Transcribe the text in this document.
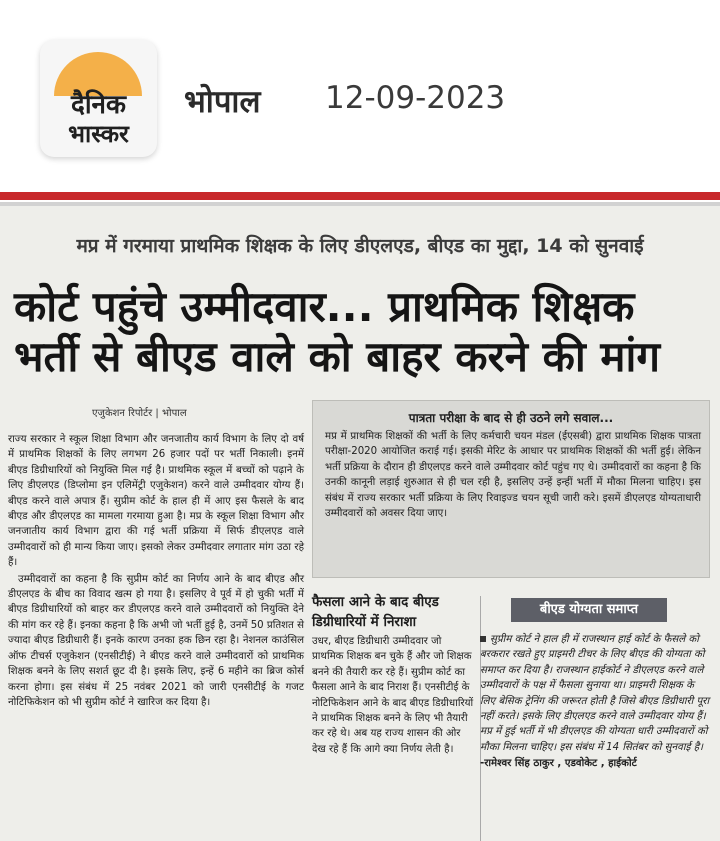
दैनिक
भास्कर
भोपाल 12-09-2023
मप्र में गरमाया प्राथमिक शिक्षक के लिए डीएलएड, बीएड का मुद्दा, 14 को सुनवाई
कोर्ट पहुंचे उम्मीदवार... प्राथमिक शिक्षक
भर्ती से बीएड वाले को बाहर करने की मांग
एजुकेशन रिपोर्टर | भोपाल

राज्य सरकार ने स्कूल शिक्षा विभाग और जनजातीय कार्य विभाग के लिए दो वर्ष में प्राथमिक शिक्षकों के लिए लगभग 26 हजार पदों पर भर्ती निकाली। इनमें बीएड डिग्रीधारियों को नियुक्ति मिल गई है। प्राथमिक स्कूल में बच्चों को पढ़ाने के लिए डीएलएड (डिप्लोमा इन एलिमेंट्री एजुकेशन) करने वाले उम्मीदवार योग्य हैं। बीएड करने वाले अपात्र हैं। सुप्रीम कोर्ट के हाल ही में आए इस फैसले के बाद बीएड और डीएलएड का मामला गरमाया हुआ है। मप्र के स्कूल शिक्षा विभाग और जनजातीय कार्य विभाग द्वारा की गई भर्ती प्रक्रिया में सिर्फ डीएलएड वाले उम्मीदवारों को ही मान्य किया जाए। इसको लेकर उम्मीदवार लगातार मांग उठा रहे हैं।

उम्मीदवारों का कहना है कि सुप्रीम कोर्ट का निर्णय आने के बाद बीएड और डीएलएड के बीच का विवाद खत्म हो गया है। इसलिए वे पूर्व में हो चुकी भर्ती में बीएड डिग्रीधारियों को बाहर कर डीएलएड करने वाले उम्मीदवारों को नियुक्ति देने की मांग कर रहे हैं। इनका कहना है कि अभी जो भर्ती हुई है, उनमें 50 प्रतिशत से ज्यादा बीएड डिग्रीधारी हैं। इनके कारण उनका हक छिन रहा है। नेशनल काउंसिल ऑफ टीचर्स एजुकेशन (एनसीटीई) ने बीएड करने वाले उम्मीदवारों को प्राथमिक शिक्षक बनने के लिए सशर्त छूट दी है। इसके लिए, इन्हें 6 महीने का ब्रिज कोर्स करना होगा। इस संबंध में 25 नवंबर 2021 को जारी एनसीटीई के गजट नोटिफिकेशन को भी सुप्रीम कोर्ट ने खारिज कर दिया है।

पात्रता परीक्षा के बाद से ही उठने लगे सवाल...
मप्र में प्राथमिक शिक्षकों की भर्ती के लिए कर्मचारी चयन मंडल (ईएसबी) द्वारा प्राथमिक शिक्षक पात्रता परीक्षा-2020 आयोजित कराई गई। इसकी मेरिट के आधार पर प्राथमिक शिक्षकों की भर्ती हुई। लेकिन भर्ती प्रक्रिया के दौरान ही डीएलएड करने वाले उम्मीदवार कोर्ट पहुंच गए थे। उम्मीदवारों का कहना है कि उनकी कानूनी लड़ाई शुरुआत से ही चल रही है, इसलिए उन्हें इन्हीं भर्ती में मौका मिलना चाहिए। इस संबंध में राज्य सरकार भर्ती प्रक्रिया के लिए रिवाइज्ड चयन सूची जारी करे। इसमें डीएलएड योग्यताधारी उम्मीदवारों को अवसर दिया जाए।
फैसला आने के बाद बीएड डिग्रीधारियों में निराशा
उधर, बीएड डिग्रीधारी उम्मीदवार जो प्राथमिक शिक्षक बन चुके हैं और जो शिक्षक बनने की तैयारी कर रहे हैं। सुप्रीम कोर्ट का फैसला आने के बाद निराश हैं। एनसीटीई के नोटिफिकेशन आने के बाद बीएड डिग्रीधारियों ने प्राथमिक शिक्षक बनने के लिए भी तैयारी कर रहे थे। अब यह राज्य शासन की ओर देख रहे हैं कि आगे क्या निर्णय लेती है।
बीएड योग्यता समाप्त
सुप्रीम कोर्ट ने हाल ही में राजस्थान हाई कोर्ट के फैसले को बरकरार रखते हुए प्राइमरी टीचर के लिए बीएड की योग्यता को समाप्त कर दिया है। राजस्थान हाईकोर्ट ने डीएलएड करने वाले उम्मीदवारों के पक्ष में फैसला सुनाया था। प्राइमरी शिक्षक के लिए बेसिक ट्रेनिंग की जरूरत होती है जिसे बीएड डिग्रीधारी पूरा नहीं करते। इसके लिए डीएलएड करने वाले उम्मीदवार योग्य हैं। मप्र में हुई भर्ती में भी डीएलएड की योग्यता धारी उम्मीदवारों को मौका मिलना चाहिए। इस संबंध में 14 सितंबर को सुनवाई है।
-रामेश्वर सिंह ठाकुर , एडवोकेट , हाईकोर्ट
